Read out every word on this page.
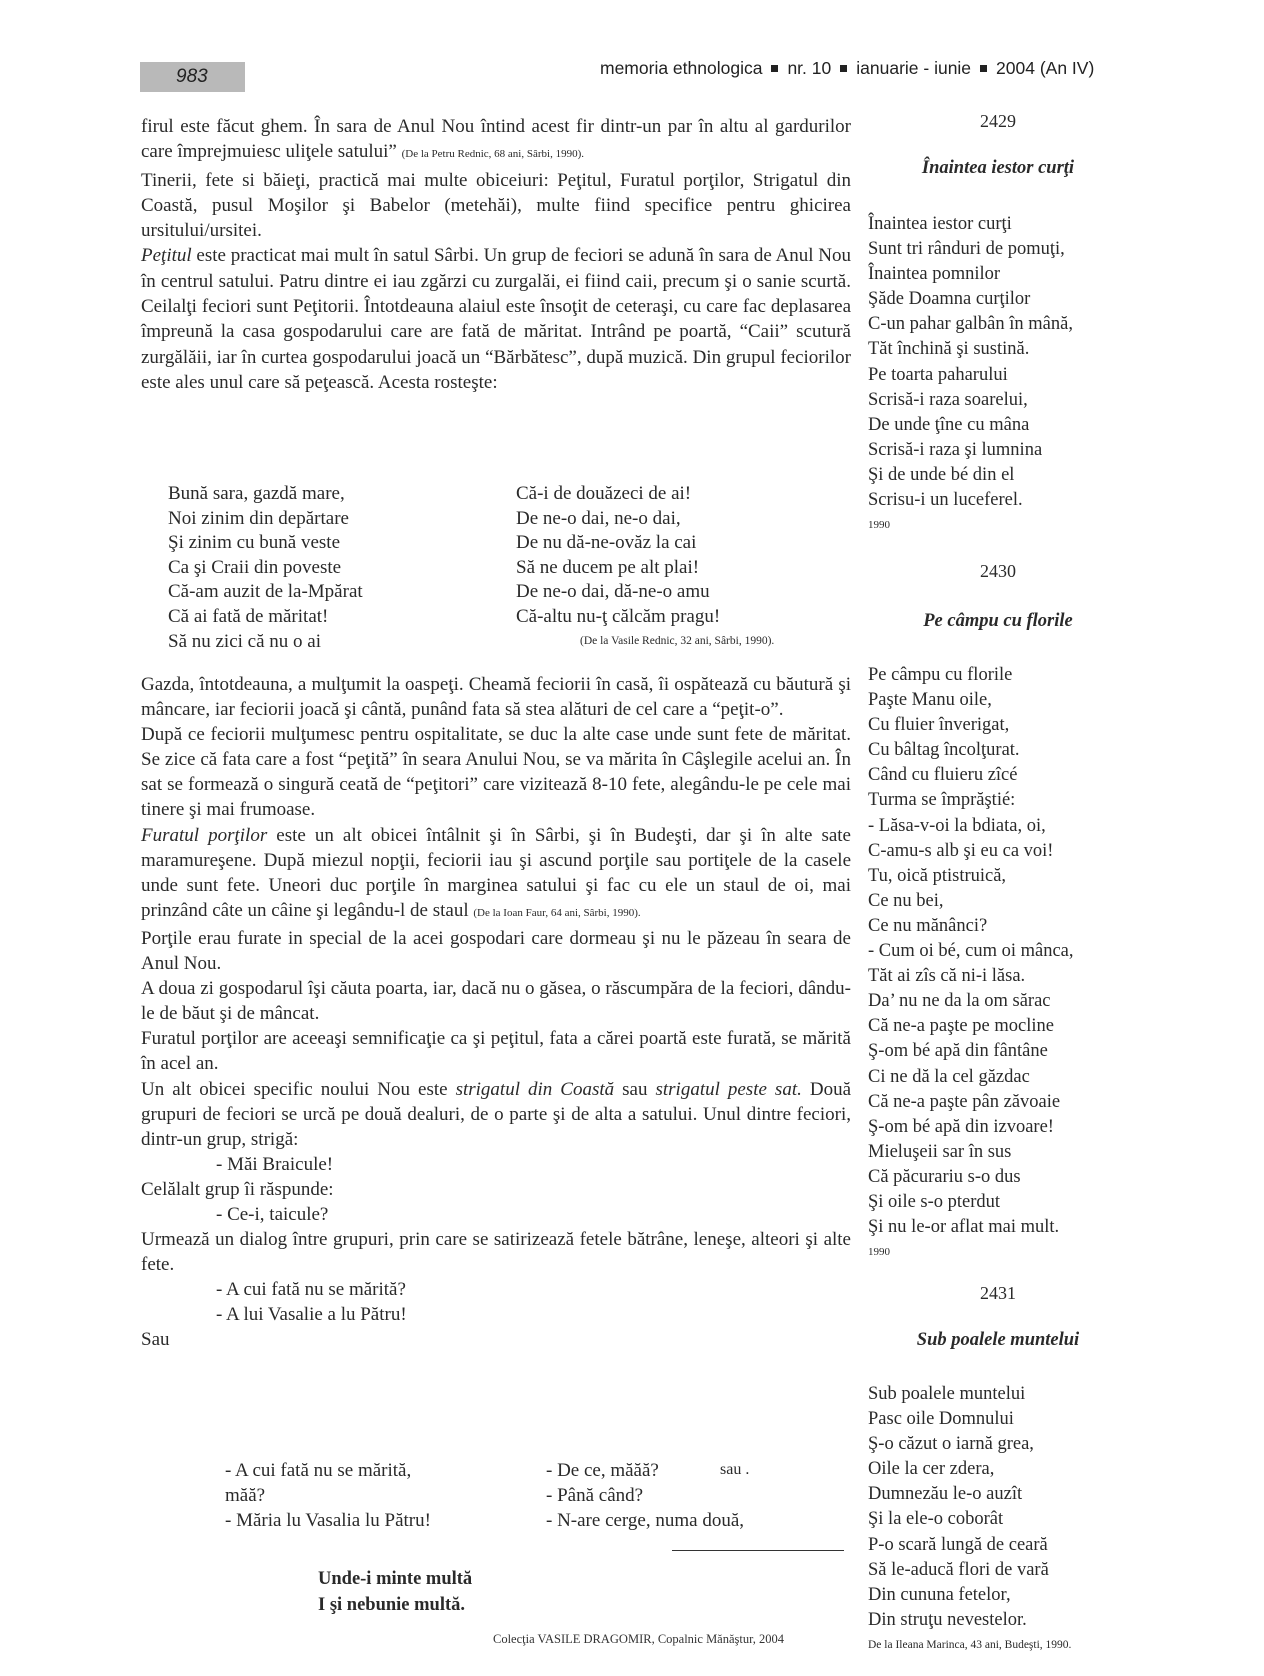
983	memoria ethnologica nr. 10 ianuarie - iunie 2004 (An IV)

firul este făcut ghem. În sara de Anul Nou întind acest fir dintr-un par în altu al gardurilor care împrejmuiesc uliţele satului” (De la Petru Rednic, 68 ani, Sârbi, 1990).

Tinerii, fete si băieţi, practică mai multe obiceiuri: Peţitul, Furatul porţilor, Strigatul din Coastă, pusul Moşilor şi Babelor (metehăi), multe fiind specifice pentru ghicirea ursitului/ursitei.

Peţitul este practicat mai mult în satul Sârbi. Un grup de feciori se adună în sara de Anul Nou în centrul satului. Patru dintre ei iau zgărzi cu zurgalăi, ei fiind caii, precum şi o sanie scurtă. Ceilalţi feciori sunt Peţitorii. Întotdeauna alaiul este însoţit de ceteraşi, cu care fac deplasarea împreună la casa gospodarului care are fată de măritat. Intrând pe poartă, “Caii” scutură zurgălăii, iar în curtea gospodarului joacă un “Bărbătesc”, după muzică. Din grupul feciorilor este ales unul care să peţească. Acesta rosteşte:

Bună sara, gazdă mare,
Noi zinim din depărtare
Şi zinim cu bună veste
Ca şi Craii din poveste
Că-am auzit de la-Mpărat
Că ai fată de măritat!
Să nu zici că nu o ai
Că-i de douăzeci de ai!
De ne-o dai, ne-o dai,
De nu dă-ne-ovăz la cai
Să ne ducem pe alt plai!
De ne-o dai, dă-ne-o amu
Că-altu nu-ţ călcăm pragu!
(De la Vasile Rednic, 32 ani, Sârbi, 1990).

Gazda, întotdeauna, a mulţumit la oaspeţi. Cheamă feciorii în casă, îi ospătează cu băutură şi mâncare, iar feciorii joacă şi cântă, punând fata să stea alături de cel care a “peţit-o”.

După ce feciorii mulţumesc pentru ospitalitate, se duc la alte case unde sunt fete de măritat. Se zice că fata care a fost “peţită” în seara Anului Nou, se va mărita în Câşlegile acelui an. În sat se formează o singură ceată de “peţitori” care vizitează 8-10 fete, alegându-le pe cele mai tinere şi mai frumoase.

Furatul porţilor este un alt obicei întâlnit şi în Sârbi, şi în Budeşti, dar şi în alte sate maramureşene. După miezul nopţii, feciorii iau şi ascund porţile sau portiţele de la casele unde sunt fete. Uneori duc porţile în marginea satului şi fac cu ele un staul de oi, mai prinzând câte un câine şi legându-l de staul (De la Ioan Faur, 64 ani, Sârbi, 1990).

Porţile erau furate in special de la acei gospodari care dormeau şi nu le păzeau în seara de Anul Nou.

A doua zi gospodarul îşi căuta poarta, iar, dacă nu o găsea, o răscumpăra de la feciori, dându-le de băut şi de mâncat.

Furatul porţilor are aceeaşi semnificaţie ca şi peţitul, fata a cărei poartă este furată, se mărită în acel an.

Un alt obicei specific noului Nou este strigatul din Coastă sau strigatul peste sat. Două grupuri de feciori se urcă pe două dealuri, de o parte şi de alta a satului. Unul dintre feciori, dintr-un grup, strigă:

- Măi Braicule!

Celălalt grup îi răspunde:

- Ce-i, taicule?

Urmează un dialog între grupuri, prin care se satirizează fetele bătrâne, leneşe, alteori şi alte fete.

- A cui fată nu se mărită?

- A lui Vasalie a lu Pătru!

Sau

- A cui fată nu se mărită,
măă?
- Măria lu Vasalia lu Pătru!
- De ce, măăă?
- Până când?
- N-are cerge, numa două,
sau .
Unde-i minte multă
I şi nebunie multă.
Colecţia VASILE DRAGOMIR, Copalnic Mănăştur, 2004
2429
Înaintea iestor curţi
Înaintea iestor curţi
Sunt tri rânduri de pomuţi,
Înaintea pomnilor
Şăde Doamna curţilor
C-un pahar galbân în mână,
Tăt închină şi sustină.
Pe toarta paharului
Scrisă-i raza soarelui,
De unde ţîne cu mâna
Scrisă-i raza şi lumnina
Şi de unde bé din el
Scrisu-i un luceferel.
1990
2430
Pe câmpu cu florile
Pe câmpu cu florile
Paşte Manu oile,
Cu fluier înverigat,
Cu bâltag încolţurat.
Când cu fluieru zîcé
Turma se împrăştié:
- Lăsa-v-oi la bdiata, oi,
C-amu-s alb şi eu ca voi!
Tu, oică ptistruică,
Ce nu bei,
Ce nu mănânci?
- Cum oi bé, cum oi mânca,
Tăt ai zîs că ni-i lăsa.
Da’ nu ne da la om sărac
Că ne-a paşte pe mocline
Ş-om bé apă din fântâne
Ci ne dă la cel găzdac
Că ne-a paşte pân zăvoaie
Ş-om bé apă din izvoare!
Mieluşeii sar în sus
Că păcurariu s-o dus
Şi oile s-o pterdut
Şi nu le-or aflat mai mult.
1990
2431
Sub poalele muntelui
Sub poalele muntelui
Pasc oile Domnului
Ş-o căzut o iarnă grea,
Oile la cer zdera,
Dumnezău le-o auzît
Şi la ele-o coborât
P-o scară lungă de ceară
Să le-aducă flori de vară
Din cununa fetelor,
Din struţu nevestelor.
De la Ileana Marinca, 43 ani, Budeşti, 1990.
